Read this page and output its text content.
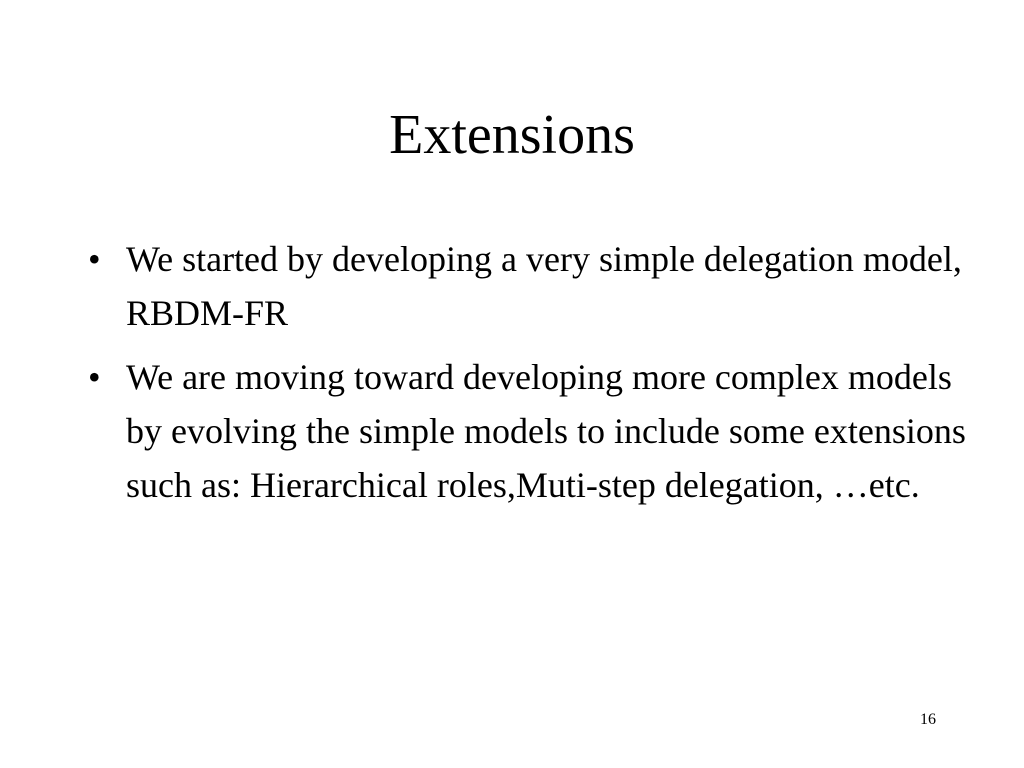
Extensions
• We started by developing a very simple delegation model, RBDM-FR
• We are moving toward developing more complex models by evolving the simple models to include some extensions such as: Hierarchical roles,Muti-step delegation, …etc.
16
